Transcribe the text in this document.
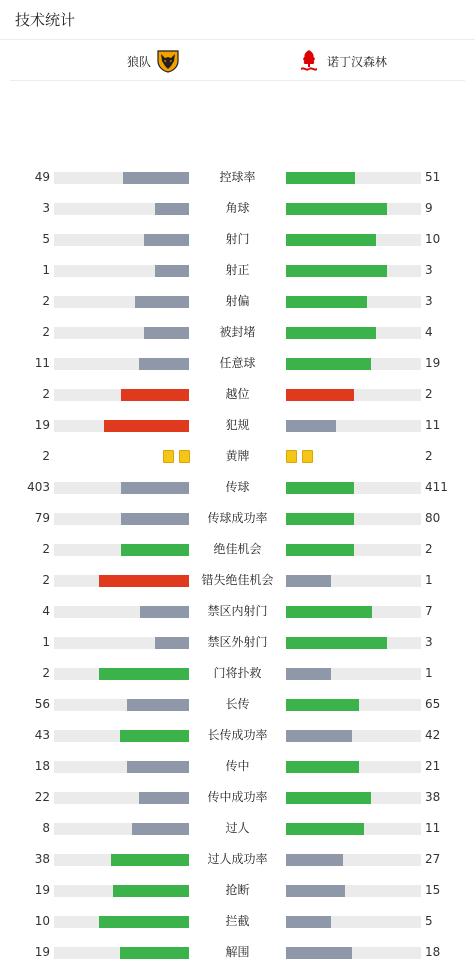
技术统计
狼队	诺丁汉森林
49	控球率	51
3	角球	9
5	射门	10
1	射正	3
2	射偏	3
2	被封堵	4
11	任意球	19
2	越位	2
19	犯规	11
2	黄牌	2
403	传球	411
79	传球成功率	80
2	绝佳机会	2
2	错失绝佳机会	1
4	禁区内射门	7
1	禁区外射门	3
2	门将扑救	1
56	长传	65
43	长传成功率	42
18	传中	21
22	传中成功率	38
8	过人	11
38	过人成功率	27
19	抢断	15
10	拦截	5
19	解围	18
